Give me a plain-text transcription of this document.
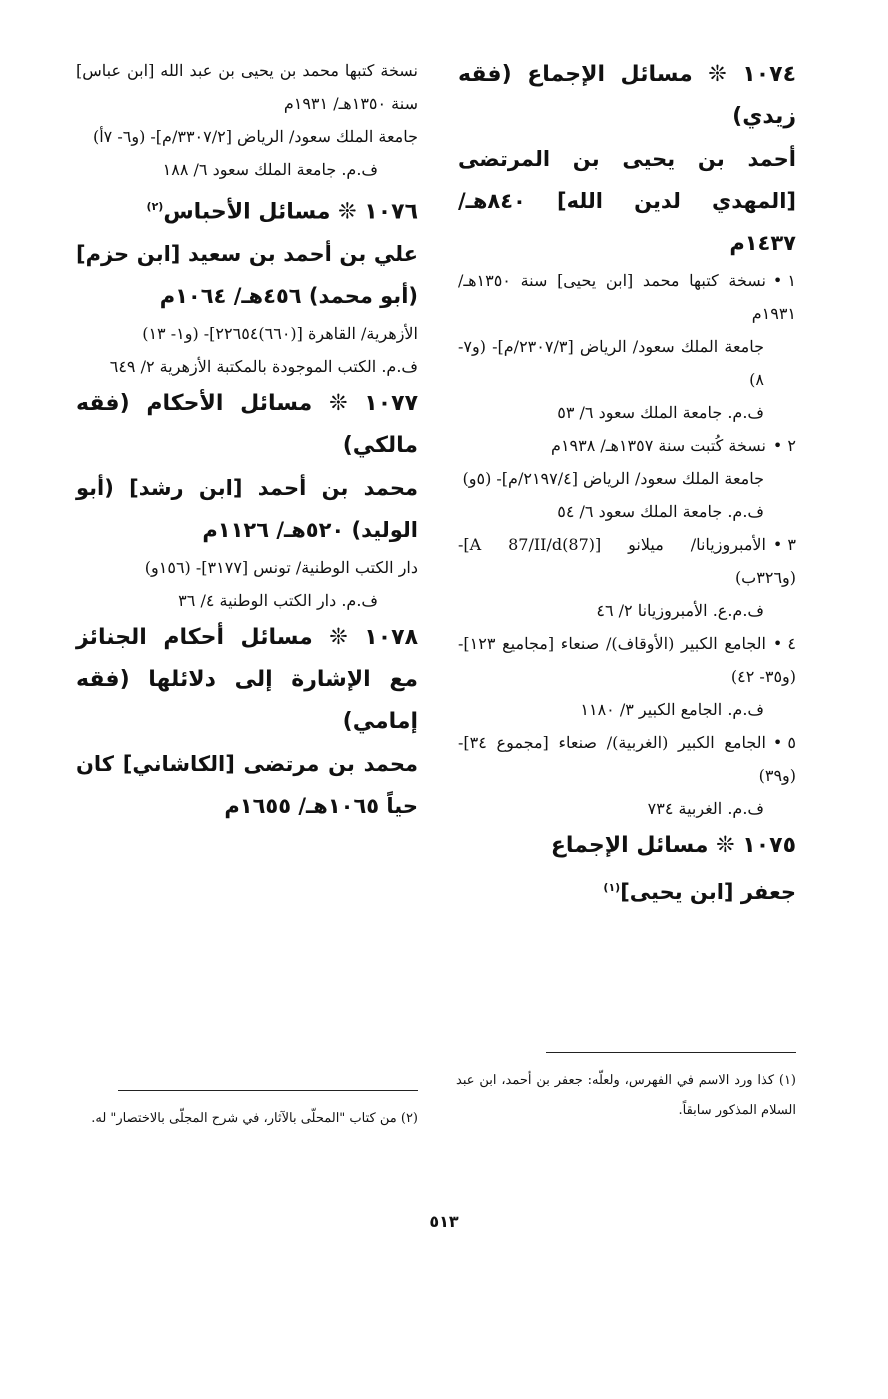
١٠٧٤ ❊ مسائل الإجماع (فقه زيدي)

أحمد بن يحيى بن المرتضى [المهدي لدين الله] ٨٤٠هـ/ ١٤٣٧م

١ •نسخة كتبها محمد [ابن يحيى] سنة ١٣٥٠هـ/ ١٩٣١م

جامعة الملك سعود/ الرياض [٢٣٠٧/٣/م]- (و٧- ٨)

ف.م. جامعة الملك سعود ٦/ ٥٣

٢ •نسخة كُتبت سنة ١٣٥٧هـ/ ١٩٣٨م

جامعة الملك سعود/ الرياض [٢١٩٧/٤/م]- (٥و)

ف.م. جامعة الملك سعود ٦/ ٥٤

٣ •الأمبروزيانا/ ميلانو [(87)A 87/II/d]- (و٣٢٦ب)

ف.م.ع. الأمبروزيانا ٢/ ٤٦

٤ •الجامع الكبير (الأوقاف)/ صنعاء [مجاميع ١٢٣]- (و٣٥- ٤٢)

ف.م. الجامع الكبير ٣/ ١١٨٠

٥ •الجامع الكبير (الغربية)/ صنعاء [مجموع ٣٤]- (و٣٩)

ف.م. الغربية ٧٣٤

١٠٧٥ ❊ مسائل الإجماع

جعفر [ابن يحيى]$^{(١)}$

نسخة كتبها محمد بن يحيى بن عبد الله [ابن عباس] سنة ١٣٥٠هـ/ ١٩٣١م

جامعة الملك سعود/ الرياض [٣٣٠٧/٢/م]- (و٦- ٧أ)

ف.م. جامعة الملك سعود ٦/ ١٨٨

١٠٧٦ ❊ مسائل الأحباس$^{(٢)}$

علي بن أحمد بن سعيد [ابن حزم] (أبو محمد) ٤٥٦هـ/ ١٠٦٤م

الأزهرية/ القاهرة [(٦٦٠)٢٢٦٥٤]- (و١- ١٣)

ف.م. الكتب الموجودة بالمكتبة الأزهرية ٢/ ٦٤٩

١٠٧٧ ❊ مسائل الأحكام (فقه مالكي)

محمد بن أحمد [ابن رشد] (أبو الوليد) ٥٢٠هـ/ ١١٢٦م

دار الكتب الوطنية/ تونس [٣١٧٧]- (١٥٦و)

ف.م. دار الكتب الوطنية ٤/ ٣٦

١٠٧٨ ❊ مسائل أحكام الجنائز مع الإشارة إلى دلائلها (فقه إمامي)

محمد بن مرتضى [الكاشاني] كان حياً ١٠٦٥هـ/ ١٦٥٥م

(١) كذا ورد الاسم في الفهرس، ولعلّه: جعفر بن أحمد، ابن عبد السلام المذكور سابقاً.
(٢) من كتاب "المحلّى بالآثار، في شرح المجلّى بالاختصار" له.
٥١٣
